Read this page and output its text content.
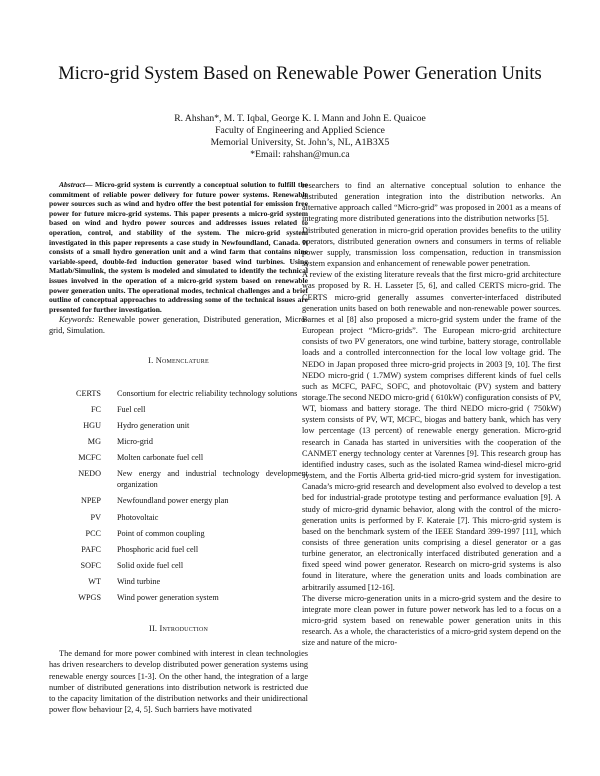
Micro-grid System Based on Renewable Power Generation Units
R. Ahshan*, M. T. Iqbal, George K. I. Mann and John E. Quaicoe
Faculty of Engineering and Applied Science
Memorial University, St. John’s, NL, A1B3X5
*Email: rahshan@mun.ca
Abstract— Micro-grid system is currently a conceptual solution to fulfill the commitment of reliable power delivery for future power systems. Renewable power sources such as wind and hydro offer the best potential for emission free power for future micro-grid systems. This paper presents a micro-grid system based on wind and hydro power sources and addresses issues related to operation, control, and stability of the system. The micro-grid system investigated in this paper represents a case study in Newfoundland, Canada. It consists of a small hydro generation unit and a wind farm that contains nine variable-speed, double-fed induction generator based wind turbines. Using Matlab/Simulink, the system is modeled and simulated to identify the technical issues involved in the operation of a micro-grid system based on renewable power generation units. The operational modes, technical challenges and a brief outline of conceptual approaches to addressing some of the technical issues are presented for further investigation.
Keywords: Renewable power generation, Distributed generation, Micro-grid, Simulation.
I. Nomenclature
CERTS	Consortium for electric reliability technology solutions
FC	Fuel cell
HGU	Hydro generation unit
MG	Micro-grid
MCFC	Molten carbonate fuel cell
NEDO	New energy and industrial technology development organization
NPEP	Newfoundland power energy plan
PV	Photovoltaic
PCC	Point of common coupling
PAFC	Phosphoric acid fuel cell
SOFC	Solid oxide fuel cell
WT	Wind turbine
WPGS	Wind power generation system
II. Introduction

The demand for more power combined with interest in clean technologies has driven researchers to develop distributed power generation systems using renewable energy sources [1-3]. On the other hand, the integration of a large number of distributed generations into distribution network is restricted due to the capacity limitation of the distribution networks and their unidirectional power flow behaviour [2, 4, 5]. Such barriers have motivated

researchers to find an alternative conceptual solution to enhance the distributed generation integration into the distribution networks. An alternative approach called “Micro-grid” was proposed in 2001 as a means of integrating more distributed generations into the distribution networks [5].

Distributed generation in micro-grid operation provides benefits to the utility operators, distributed generation owners and consumers in terms of reliable power supply, transmission loss compensation, reduction in transmission system expansion and enhancement of renewable power penetration.

A review of the existing literature reveals that the first micro-grid architecture was proposed by R. H. Lasseter [5, 6], and called CERTS micro-grid. The CERTS micro-grid generally assumes converter-interfaced distributed generation units based on both renewable and non-renewable power sources. Barnes et al [8] also proposed a micro-grid system under the frame of the European project “Micro-grids”. The European micro-grid architecture consists of two PV generators, one wind turbine, battery storage, controllable loads and a controlled interconnection for the local low voltage grid. The NEDO in Japan proposed three micro-grid projects in 2003 [9, 10]. The first NEDO micro-grid ( 1.7MW) system comprises different kinds of fuel cells such as MCFC, PAFC, SOFC, and photovoltaic (PV) system and battery storage.The second NEDO micro-grid ( 610kW) configuration consists of PV, WT, biomass and battery storage. The third NEDO micro-grid ( 750kW) system consists of PV, WT, MCFC, biogas and battery bank, which has very low percentage (13 percent) of renewable energy generation. Micro-grid research in Canada has started in universities with the cooperation of the CANMET energy technology center at Varennes [9]. This research group has identified industry cases, such as the isolated Ramea wind-diesel micro-grid system, and the Fortis Alberta grid-tied micro-grid system for investigation. Canada’s micro-grid research and development also evolved to develop a test bed for industrial-grade prototype testing and performance evaluation [9]. A study of micro-grid dynamic behavior, along with the control of the micro-generation units is performed by F. Kateraie [7]. This micro-grid system is based on the benchmark system of the IEEE Standard 399-1997 [11], which consists of three generation units comprising a diesel generator or a gas turbine generator, an electronically interfaced distributed generation and a fixed speed wind power generator. Research on micro-grid systems is also found in literature, where the generation units and loads combination are arbitrarily assumed [12-16].

The diverse micro-generation units in a micro-grid system and the desire to integrate more clean power in future power network has led to a focus on a micro-grid system based on renewable power generation units in this research. As a whole, the characteristics of a micro-grid system depend on the size and nature of the micro-
